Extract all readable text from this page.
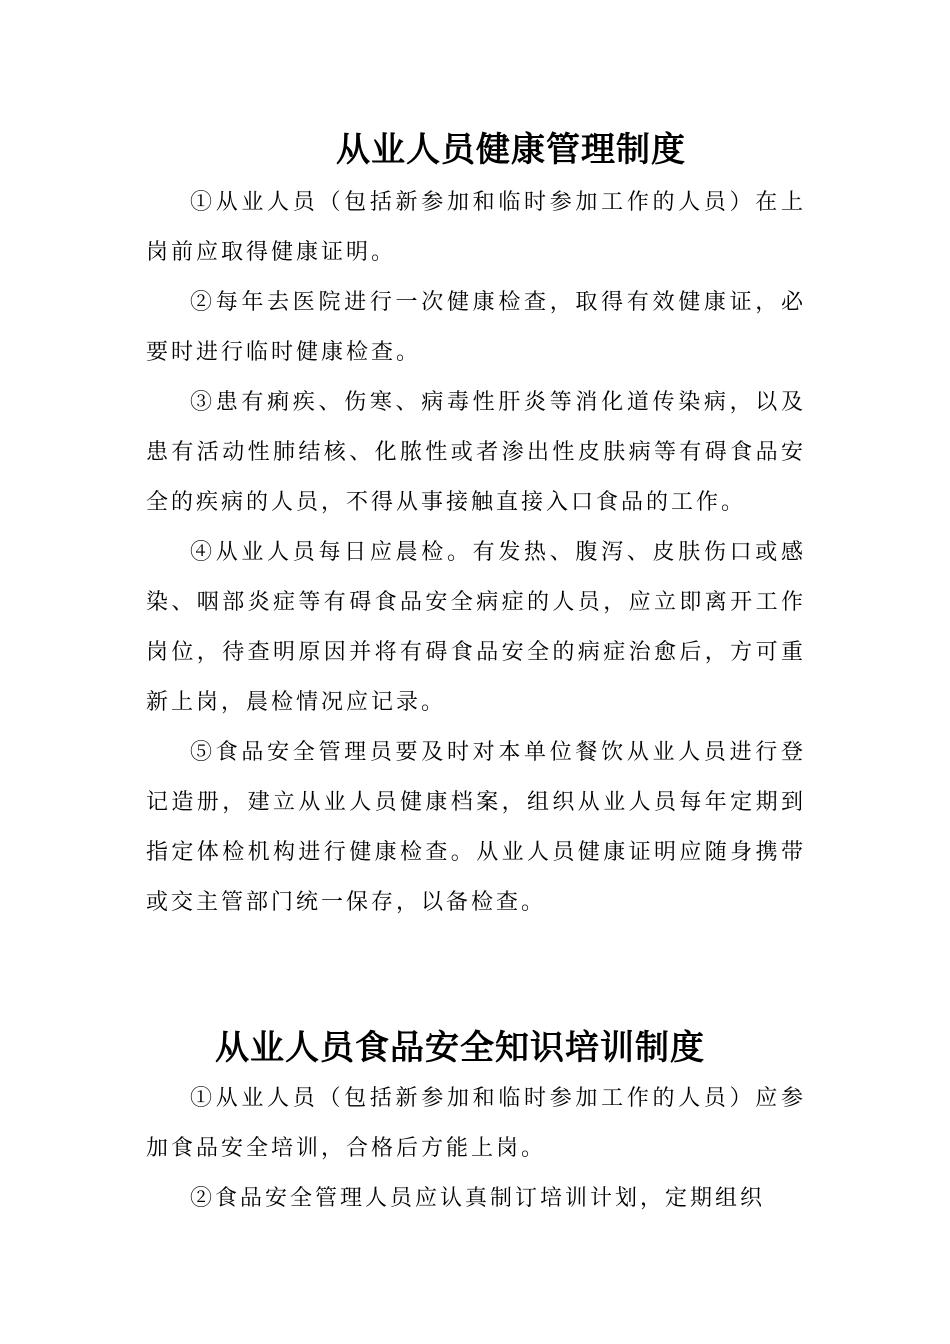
从业人员健康管理制度

①从业人员（包括新参加和临时参加工作的人员）在上岗前应取得健康证明。

②每年去医院进行一次健康检查，取得有效健康证，必要时进行临时健康检查。

③患有痢疾、伤寒、病毒性肝炎等消化道传染病，以及患有活动性肺结核、化脓性或者渗出性皮肤病等有碍食品安全的疾病的人员，不得从事接触直接入口食品的工作。

④从业人员每日应晨检。有发热、腹泻、皮肤伤口或感染、咽部炎症等有碍食品安全病症的人员，应立即离开工作岗位，待查明原因并将有碍食品安全的病症治愈后，方可重新上岗，晨检情况应记录。

⑤食品安全管理员要及时对本单位餐饮从业人员进行登记造册，建立从业人员健康档案，组织从业人员每年定期到指定体检机构进行健康检查。从业人员健康证明应随身携带或交主管部门统一保存，以备检查。

从业人员食品安全知识培训制度

①从业人员（包括新参加和临时参加工作的人员）应参加食品安全培训，合格后方能上岗。

②食品安全管理人员应认真制订培训计划，定期组织
